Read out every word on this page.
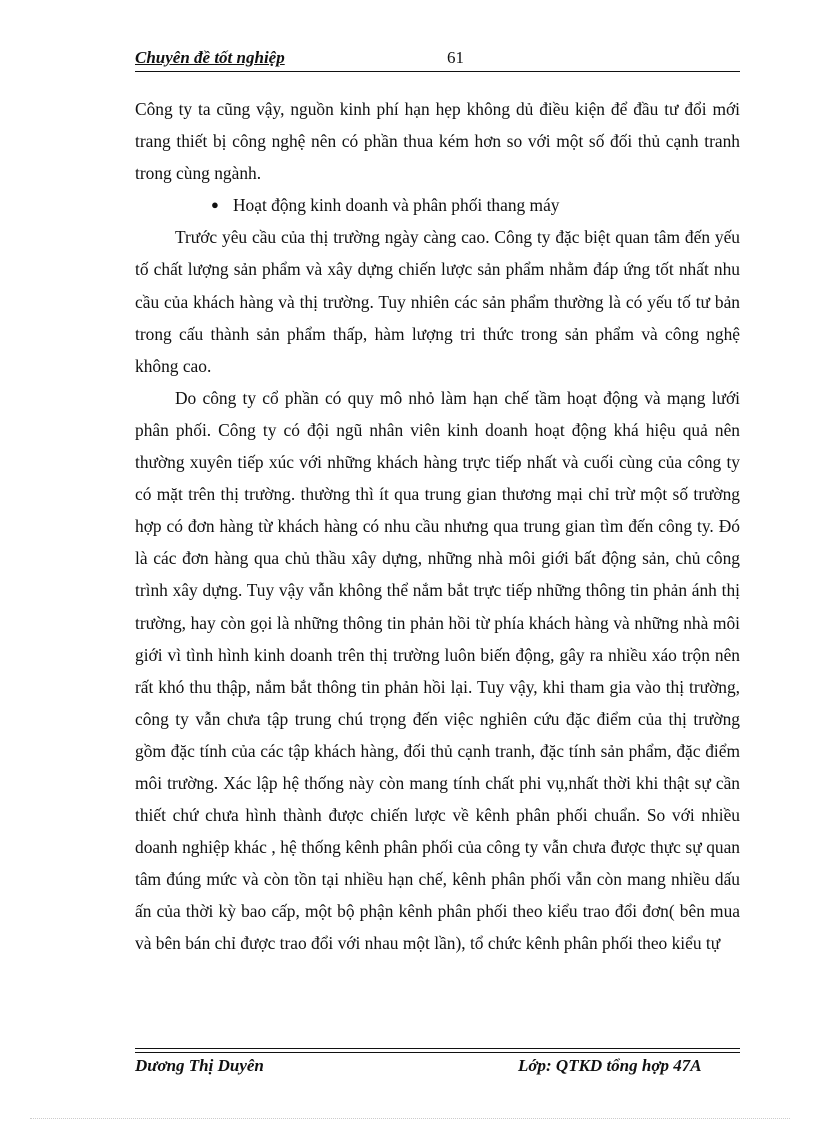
Chuyên đề tốt nghiệp	61

Công ty ta cũng vậy, nguồn kinh phí hạn hẹp không dủ điều kiện để đầu tư đổi mới trang thiết bị công nghệ nên có phần thua kém hơn so với một số đối thủ cạnh tranh trong cùng ngành.

● Hoạt động kinh doanh và phân phối thang máy

Trước yêu cầu của thị trường ngày càng cao. Công ty đặc biệt quan tâm đến yếu tố chất lượng sản phẩm và xây dựng chiến lược sản phẩm nhằm đáp ứng tốt nhất nhu cầu của khách hàng và thị trường. Tuy nhiên các sản phẩm thường là có yếu tố tư bản trong cấu thành sản phẩm thấp, hàm lượng tri thức trong sản phẩm và công nghệ không cao.

Do công ty cổ phần có quy mô nhỏ làm hạn chế tầm hoạt động và mạng lưới phân phối. Công ty có đội ngũ nhân viên kinh doanh hoạt động khá hiệu quả nên thường xuyên tiếp xúc với những khách hàng trực tiếp nhất và cuối cùng của công ty có mặt trên thị trường. thường thì ít qua trung gian thương mại chỉ trừ một số trường hợp có đơn hàng từ khách hàng có nhu cầu nhưng qua trung gian tìm đến công ty. Đó là các đơn hàng qua chủ thầu xây dựng, những nhà môi giới bất động sản, chủ công trình xây dựng. Tuy vậy vẫn không thể nắm bắt trực tiếp những thông tin phản ánh thị trường, hay còn gọi là những thông tin phản hồi từ phía khách hàng và những nhà môi giới vì tình hình kinh doanh trên thị trường luôn biến động, gây ra nhiều xáo trộn nên rất khó thu thập, nắm bắt thông tin phản hồi lại. Tuy vậy, khi tham gia vào thị trường, công ty vẫn chưa tập trung chú trọng đến việc nghiên cứu đặc điểm của thị trường gồm đặc tính của các tập khách hàng, đối thủ cạnh tranh, đặc tính sản phẩm, đặc điểm môi trường. Xác lập hệ thống này còn mang tính chất phi vụ,nhất thời khi thật sự cần thiết chứ chưa hình thành được chiến lược về kênh phân phối chuẩn. So với nhiều doanh nghiệp khác , hệ thống kênh phân phối của công ty vẫn chưa được thực sự quan tâm đúng mức và còn tồn tại nhiều hạn chế, kênh phân phối vẫn còn mang nhiều dấu ấn của thời kỳ bao cấp, một bộ phận kênh phân phối theo kiểu trao đổi đơn( bên mua và bên bán chỉ được trao đổi với nhau một lần), tổ chức kênh phân phối theo kiểu tự

Dương Thị Duyên	Lớp: QTKD tổng hợp 47A
